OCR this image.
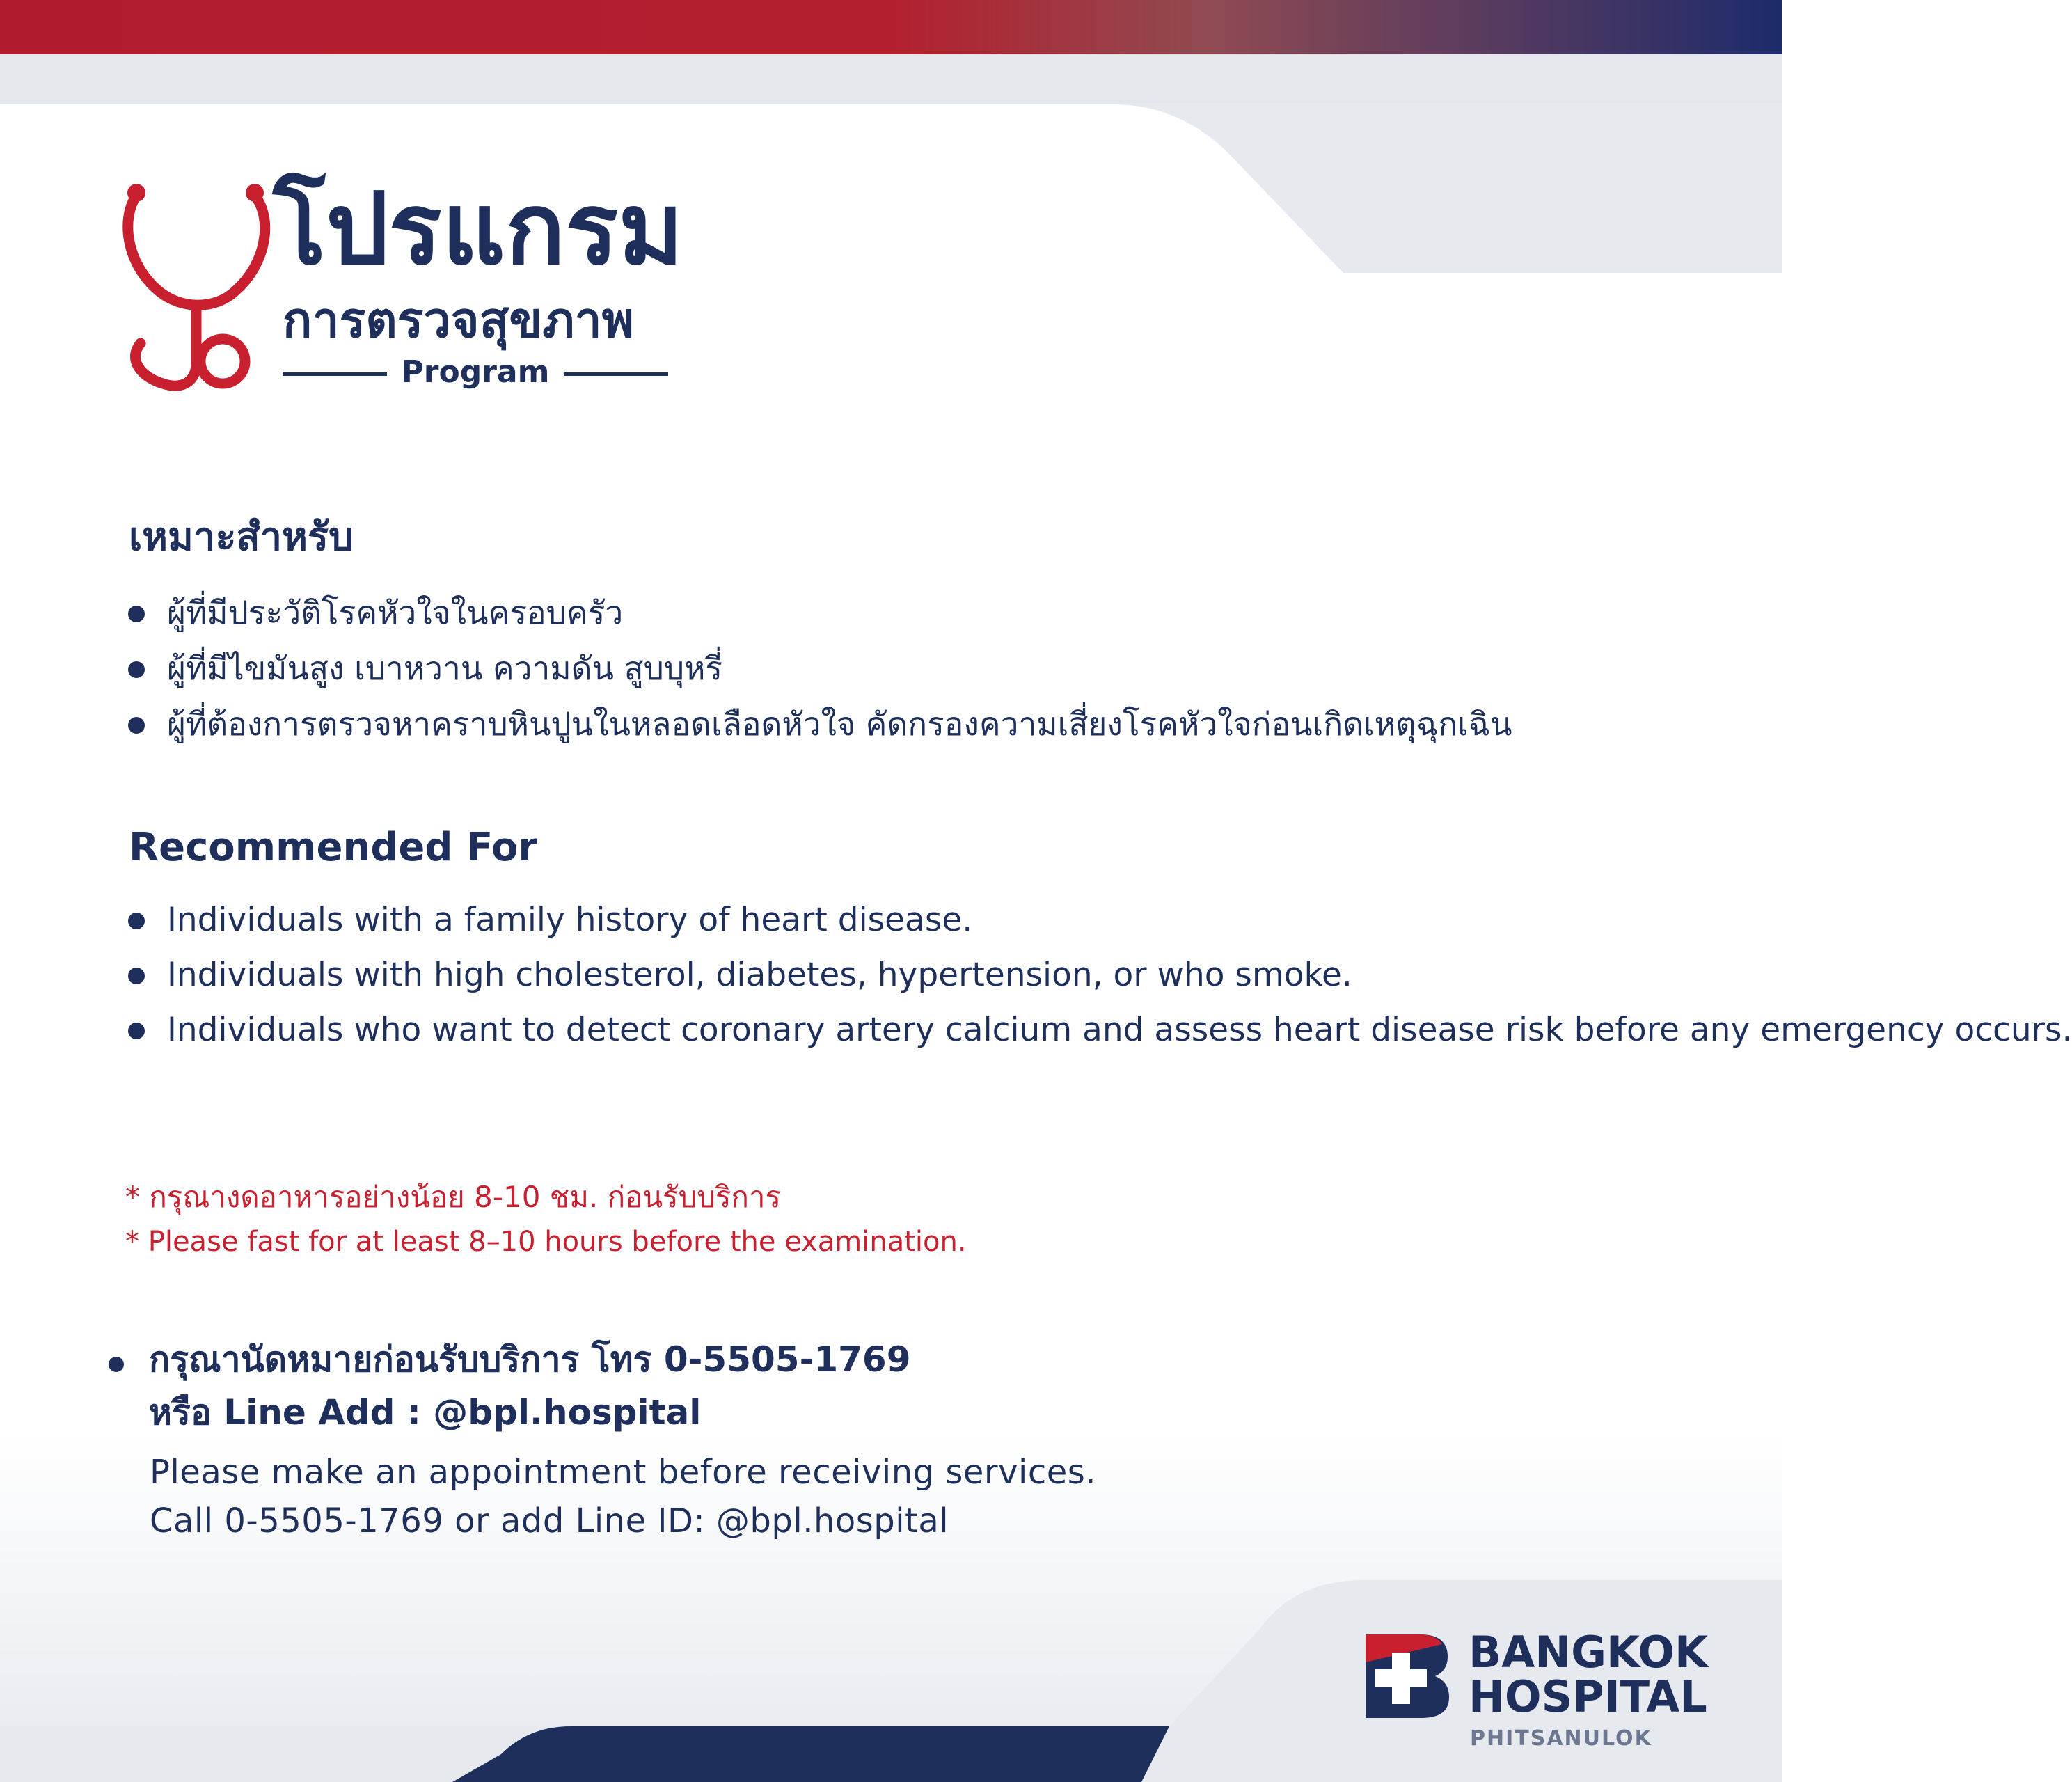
โปรแกรม

การตรวจสุขภาพ

Program
เหมาะสำหรับ
ผู้ที่มีประวัติโรคหัวใจในครอบครัว
ผู้ที่มีไขมันสูง เบาหวาน ความดัน สูบบุหรี่
ผู้ที่ต้องการตรวจหาคราบหินปูนในหลอดเลือดหัวใจ คัดกรองความเสี่ยงโรคหัวใจก่อนเกิดเหตุฉุกเฉิน
Recommended For
Individuals with a family history of heart disease.
Individuals with high cholesterol, diabetes, hypertension, or who smoke.
Individuals who want to detect coronary artery calcium and assess heart disease risk before any emergency occurs.

* กรุณางดอาหารอย่างน้อย 8-10 ชม. ก่อนรับบริการ

* Please fast for at least 8–10 hours before the examination.

กรุณานัดหมายก่อนรับบริการ โทร 0-5505-1769

หรือ Line Add : @bpl.hospital

Please make an appointment before receiving services.

Call 0-5505-1769 or add Line ID: @bpl.hospital

BANGKOK
HOSPITAL

PHITSANULOK
